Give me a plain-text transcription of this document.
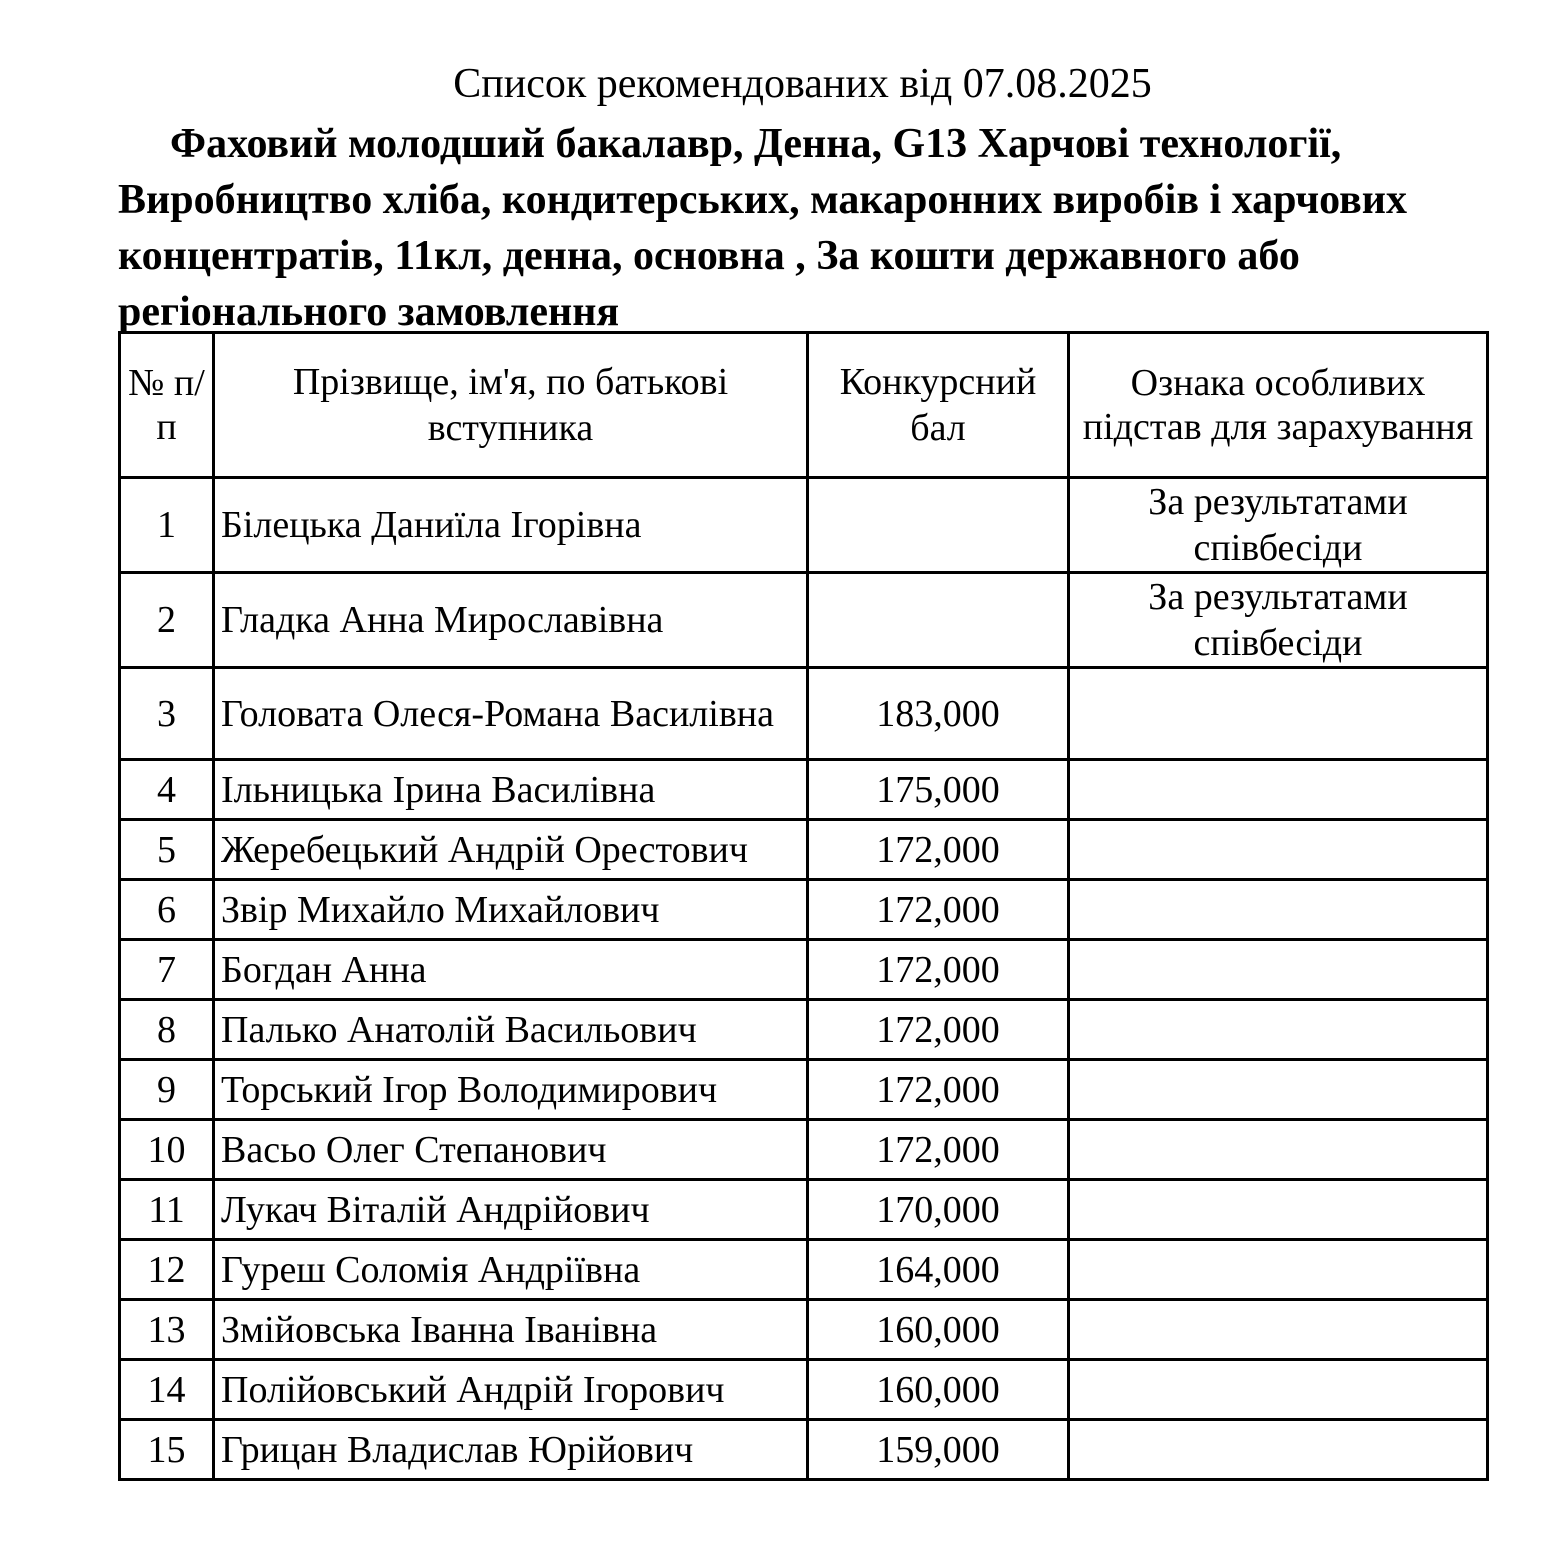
Список рекомендованих від 07.08.2025

Фаховий молодший бакалавр, Денна, G13 Харчові технології, Виробництво хліба, кондитерських, макаронних виробів і харчових концентратів, 11кл, денна, основна , За кошти державного або регіонального замовлення

№ п/п	Прізвище, ім'я, по батькові вступника	Конкурсний бал	Ознака особливих підстав для зарахування
1	Білецька Даниїла Ігорівна		За результатами співбесіди
2	Гладка Анна Мирославівна		За результатами співбесіди
3	Головата Олеся-Романа Василівна	183,000	
4	Ільницька Ірина Василівна	175,000	
5	Жеребецький Андрій Орестович	172,000	
6	Звір Михайло Михайлович	172,000	
7	Богдан Анна	172,000	
8	Палько Анатолій Васильович	172,000	
9	Торський Ігор Володимирович	172,000	
10	Васьо Олег Степанович	172,000	
11	Лукач Віталій Андрійович	170,000	
12	Гуреш Соломія Андріївна	164,000	
13	Змійовська Іванна Іванівна	160,000	
14	Полійовський Андрій Ігорович	160,000	
15	Грицан Владислав Юрійович	159,000	
